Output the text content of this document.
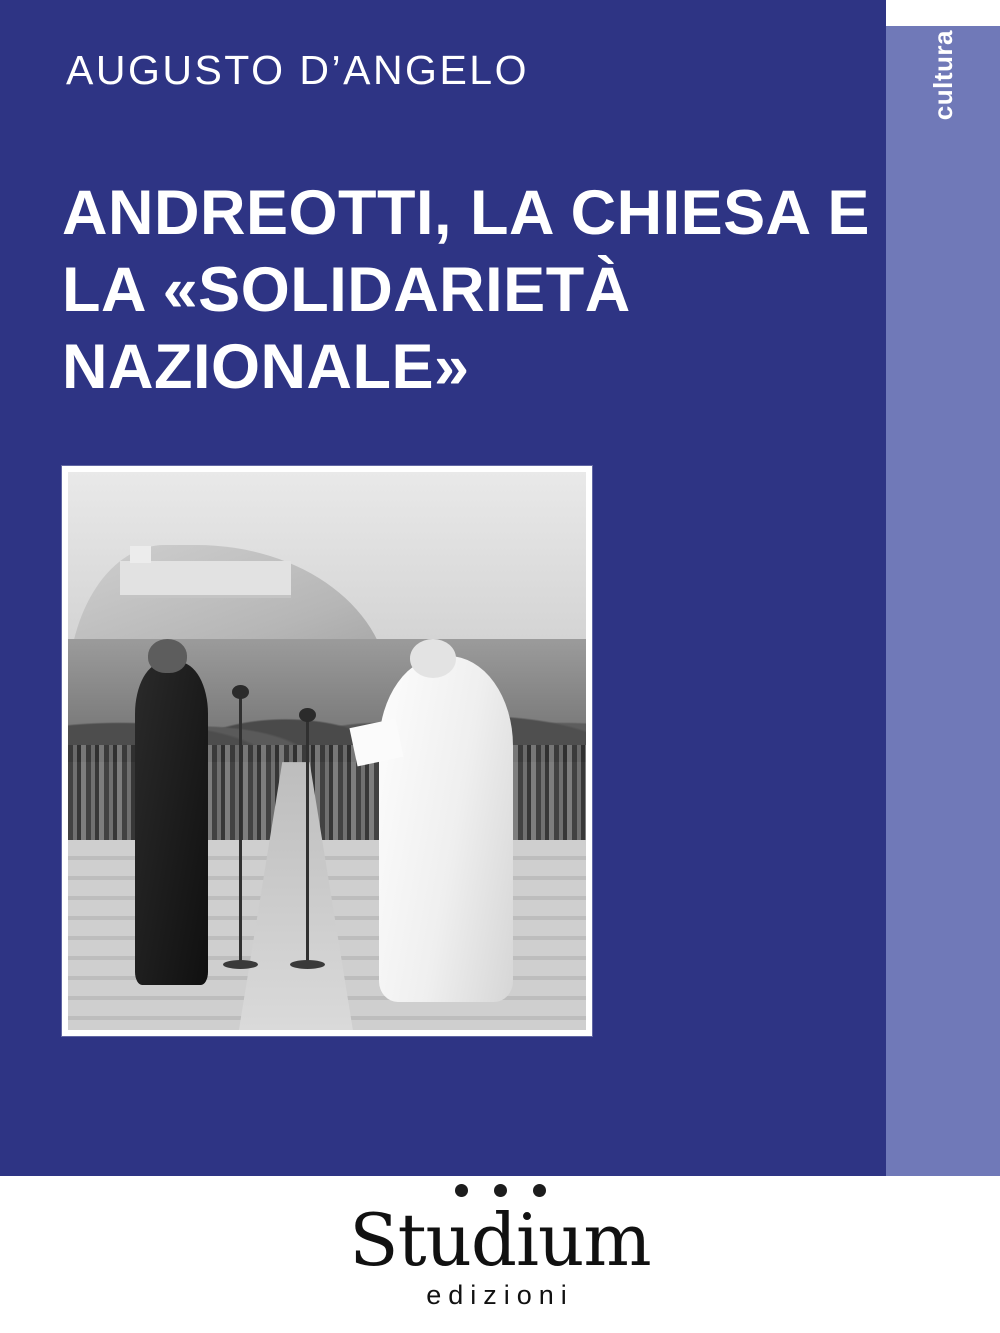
cultura
AUGUSTO D’ANGELO
ANDREOTTI, LA CHIESA E LA «SOLIDARIETÀ NAZIONALE»
Studium
edizioni
